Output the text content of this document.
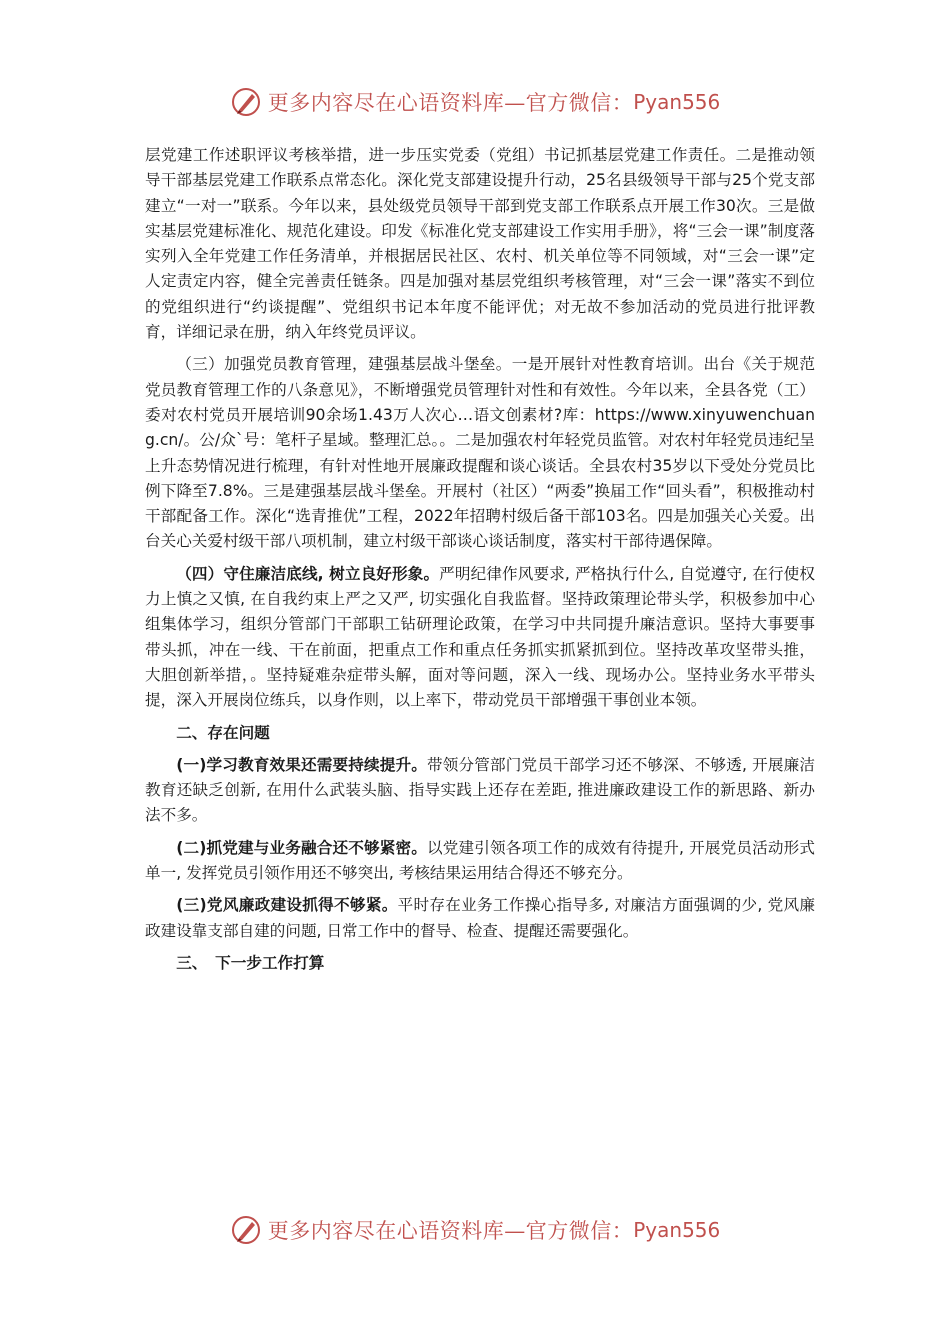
更多内容尽在心语资料库—官方微信： Pyan556

层党建工作述职评议考核举措，进一步压实党委（党组）书记抓基层党建工作责任。二是推动领导干部基层党建工作联系点常态化。深化党支部建设提升行动，25名县级领导干部与25个党支部建立“一对一”联系。今年以来，县处级党员领导干部到党支部工作联系点开展工作30次。三是做实基层党建标准化、规范化建设。印发《标准化党支部建设工作实用手册》，将“三会一课”制度落实列入全年党建工作任务清单，并根据居民社区、农村、机关单位等不同领域，对“三会一课”定人定责定内容，健全完善责任链条。四是加强对基层党组织考核管理，对“三会一课”落实不到位的党组织进行“约谈提醒”、党组织书记本年度不能评优；对无故不参加活动的党员进行批评教育，详细记录在册，纳入年终党员评议。

（三）加强党员教育管理，建强基层战斗堡垒。一是开展针对性教育培训。出台《关于规范党员教育管理工作的八条意见》，不断增强党员管理针对性和有效性。今年以来，全县各党（工）委对农村党员开展培训90余场1.43万人次心…语文创素材?库：https://www.xinyuwenchuang.cn/。公/众`号：笔杆子星域。整理汇总。。二是加强农村年轻党员监管。对农村年轻党员违纪呈上升态势情况进行梳理，有针对性地开展廉政提醒和谈心谈话。全县农村35岁以下受处分党员比例下降至7.8%。三是建强基层战斗堡垒。开展村（社区）“两委”换届工作“回头看”，积极推动村干部配备工作。深化“选青推优”工程，2022年招聘村级后备干部103名。四是加强关心关爱。出台关心关爱村级干部八项机制，建立村级干部谈心谈话制度，落实村干部待遇保障。

（四）守住廉洁底线, 树立良好形象。严明纪律作风要求, 严格执行什么, 自觉遵守, 在行使权力上慎之又慎, 在自我约束上严之又严, 切实强化自我监督。坚持政策理论带头学，积极参加中心组集体学习，组织分管部门干部职工钻研理论政策，在学习中共同提升廉洁意识。坚持大事要事带头抓，冲在一线、干在前面，把重点工作和重点任务抓实抓紧抓到位。坚持改革攻坚带头推，大胆创新举措，。坚持疑难杂症带头解，面对等问题，深入一线、现场办公。坚持业务水平带头提，深入开展岗位练兵，以身作则，以上率下，带动党员干部增强干事创业本领。

二、存在问题

(一)学习教育效果还需要持续提升。带领分管部门党员干部学习还不够深、不够透, 开展廉洁教育还缺乏创新, 在用什么武装头脑、指导实践上还存在差距, 推进廉政建设工作的新思路、新办法不多。

(二)抓党建与业务融合还不够紧密。以党建引领各项工作的成效有待提升, 开展党员活动形式单一, 发挥党员引领作用还不够突出, 考核结果运用结合得还不够充分。

(三)党风廉政建设抓得不够紧。平时存在业务工作操心指导多, 对廉洁方面强调的少, 党风廉政建设靠支部自建的问题, 日常工作中的督导、检查、提醒还需要强化。

三、　下一步工作打算
更多内容尽在心语资料库—官方微信： Pyan556
